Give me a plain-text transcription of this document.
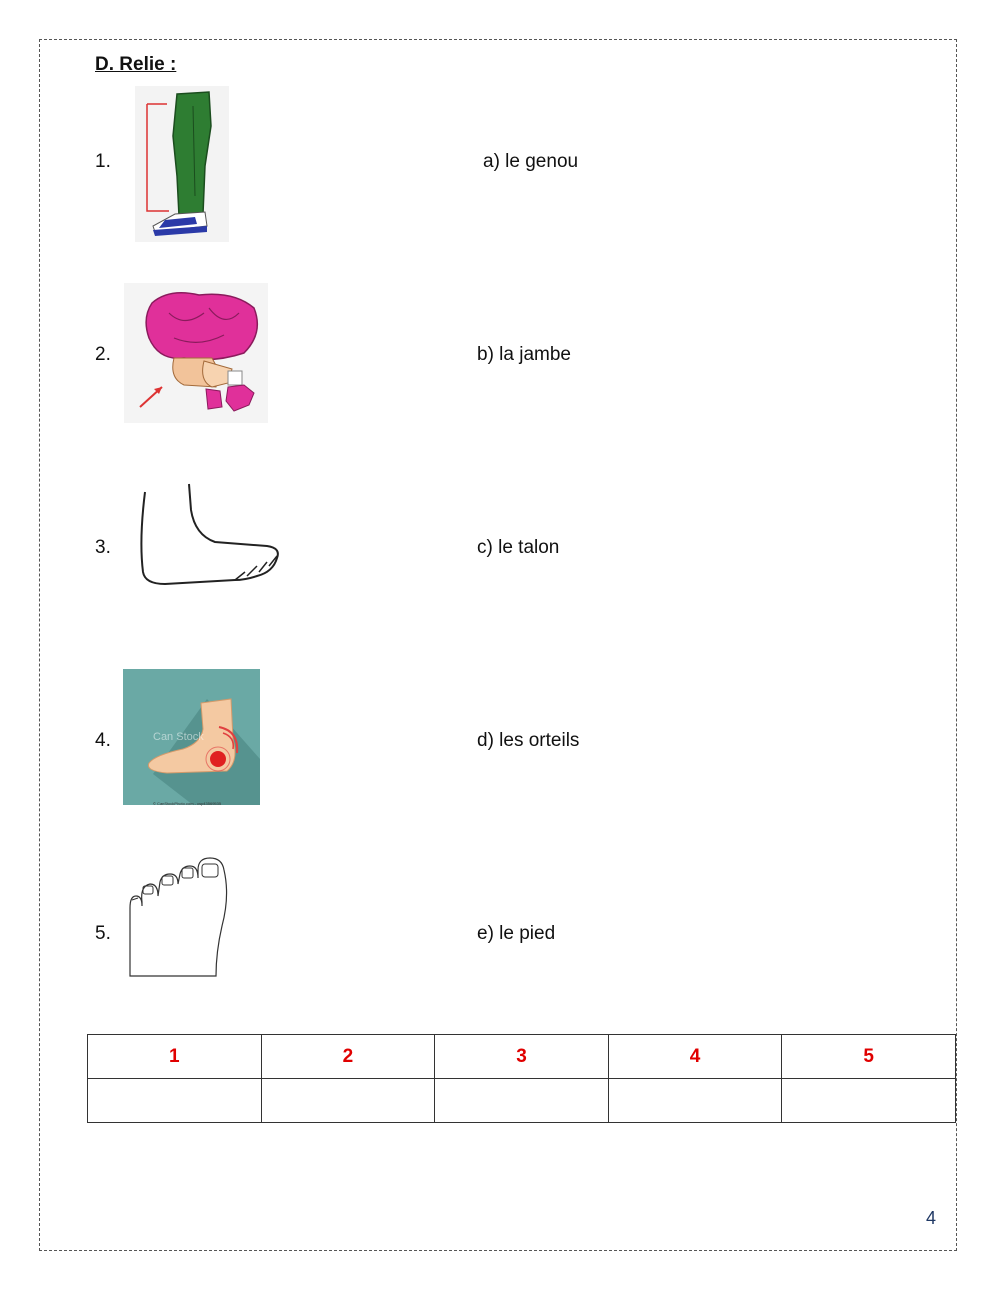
D. Relie :
1.
2.
3.
4.
5.
Can Stock
© CanStockPhoto.com - csp43569535
a) le genou
b) la jambe
c) le talon
d) les orteils
e) le pied
1	2	3	4	5

4
